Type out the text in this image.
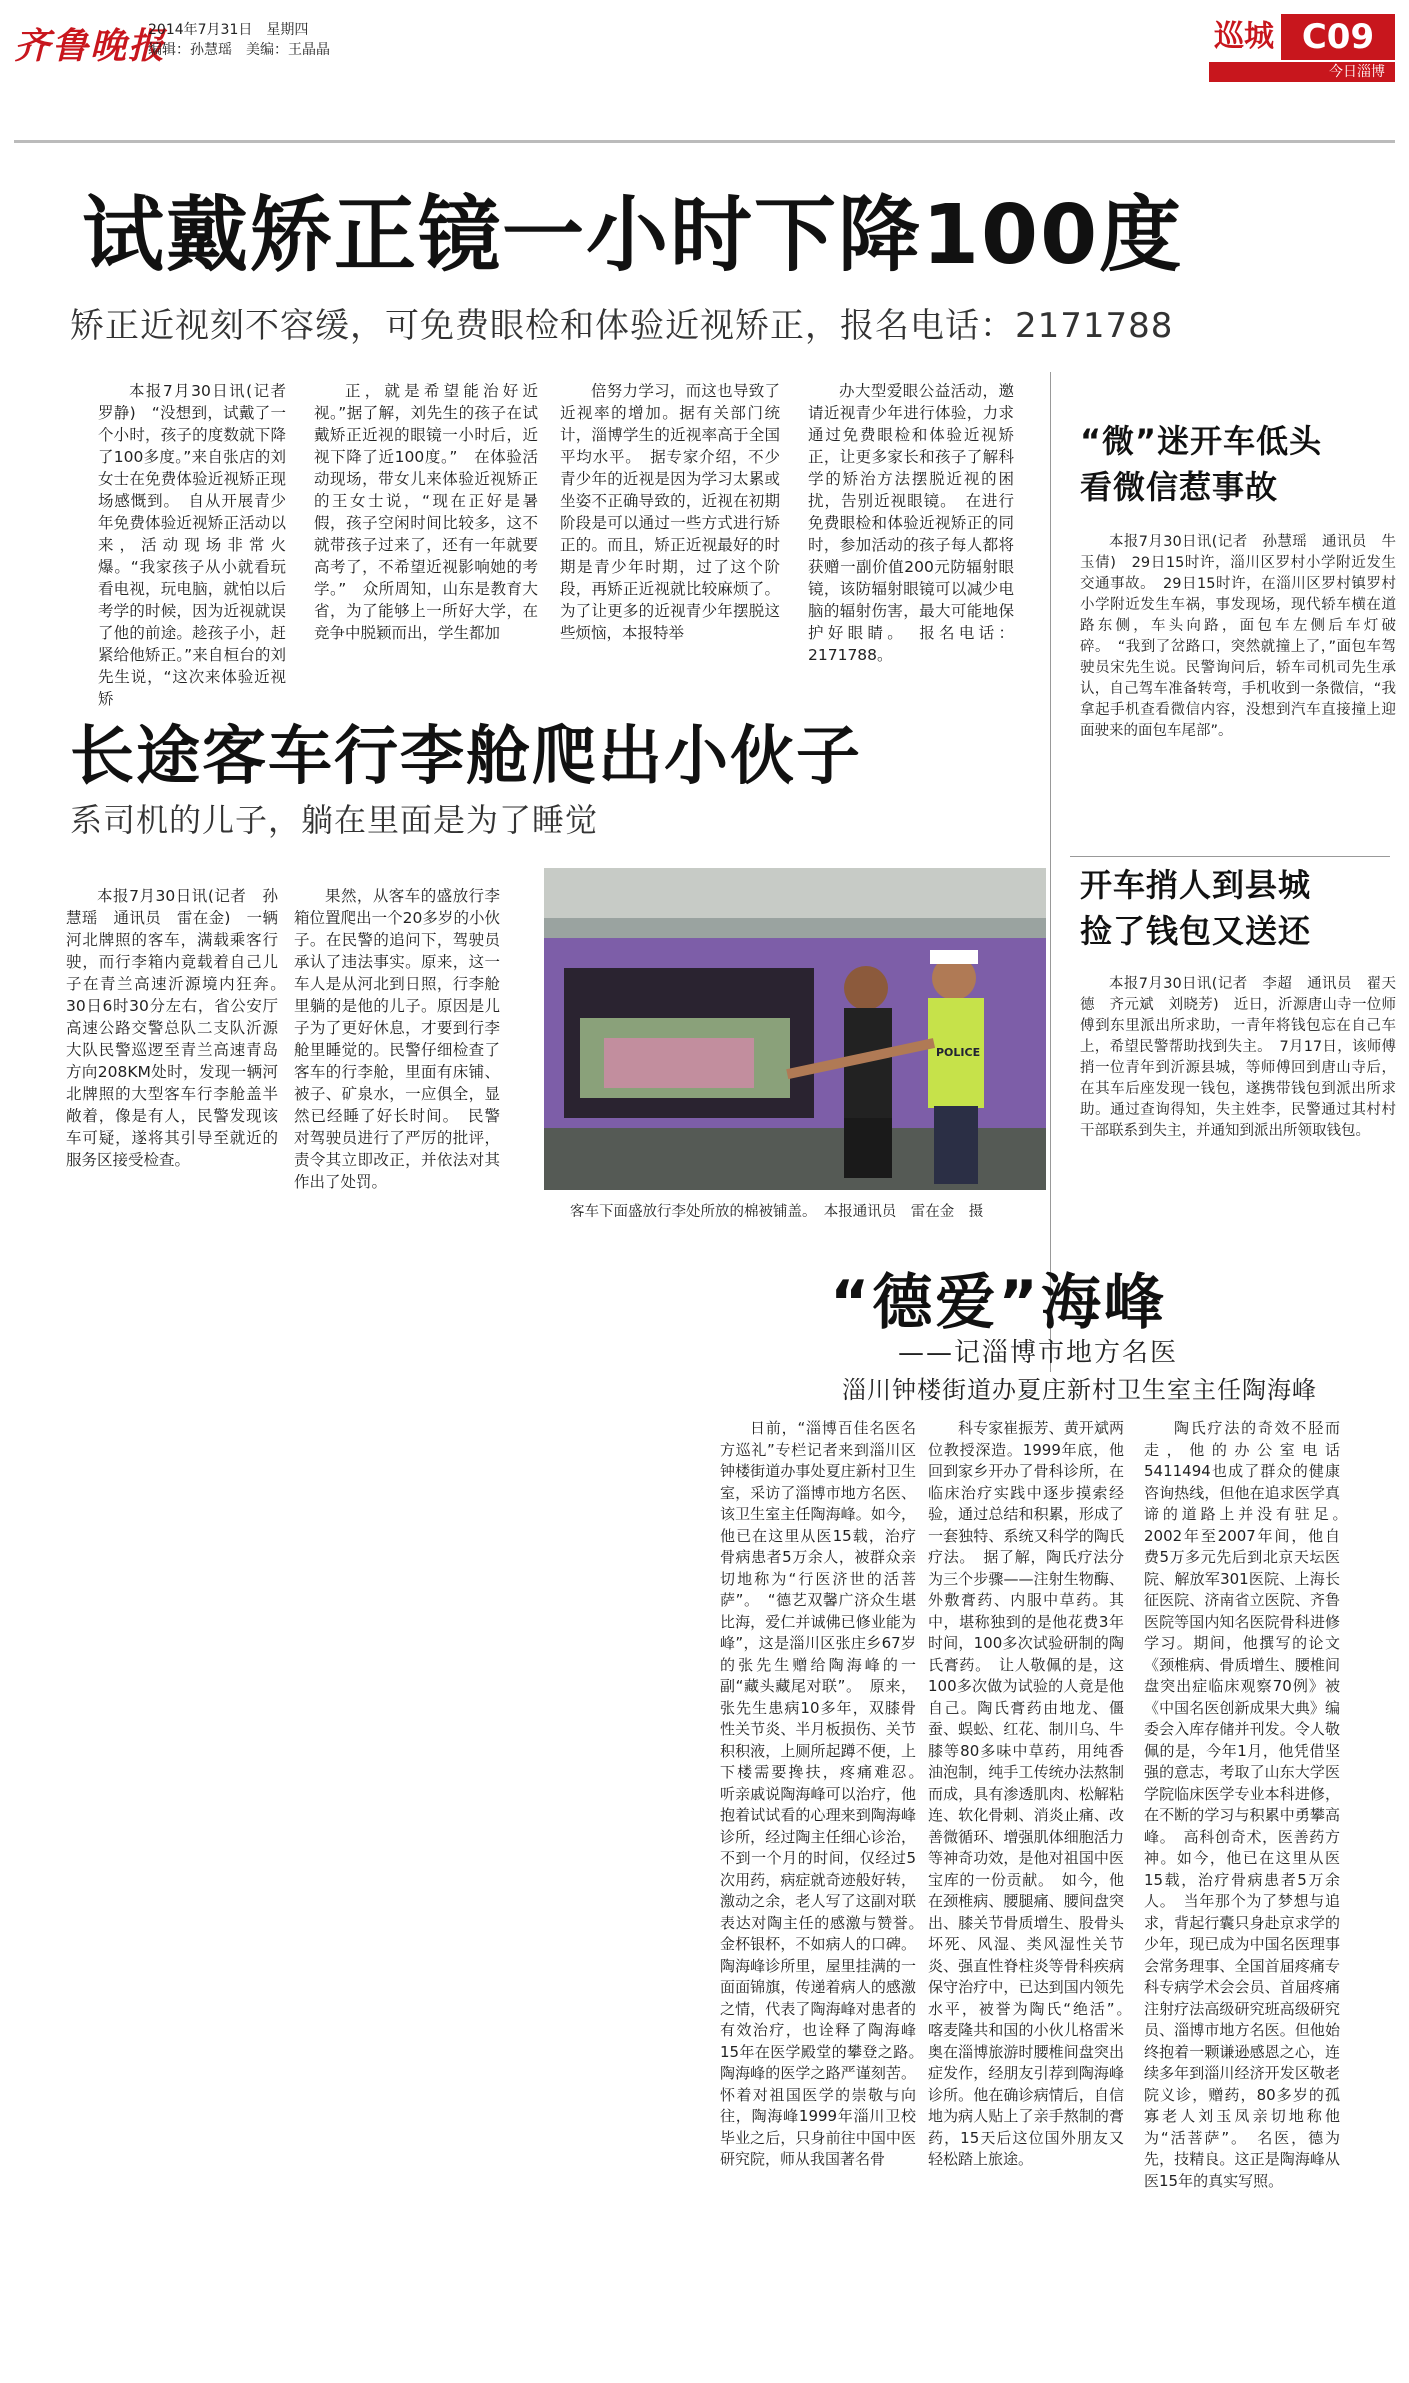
齐鲁晚报
2014年7月31日　星期四
编辑：孙慧瑶　美编：王晶晶	巡城 C09
今日淄博
试戴矫正镜一小时下降100度
矫正近视刻不容缓，可免费眼检和体验近视矫正，报名电话：2171788

本报7月30日讯(记者　罗静)　“没想到，试戴了一个小时，孩子的度数就下降了100多度。”来自张店的刘女士在免费体验近视矫正现场感慨到。　自从开展青少年免费体验近视矫正活动以来，活动现场非常火爆。“我家孩子从小就看玩看电视，玩电脑，就怕以后考学的时候，因为近视就误了他的前途。趁孩子小，赶紧给他矫正。”来自桓台的刘先生说，“这次来体验近视矫

正，就是希望能治好近视。”据了解，刘先生的孩子在试戴矫正近视的眼镜一小时后，近视下降了近100度。”　在体验活动现场，带女儿来体验近视矫正的王女士说，“现在正好是暑假，孩子空闲时间比较多，这不就带孩子过来了，还有一年就要高考了，不希望近视影响她的考学。”　众所周知，山东是教育大省，为了能够上一所好大学，在竞争中脱颖而出，学生都加

倍努力学习，而这也导致了近视率的增加。据有关部门统计，淄博学生的近视率高于全国平均水平。　据专家介绍，不少青少年的近视是因为学习太累或坐姿不正确导致的，近视在初期阶段是可以通过一些方式进行矫正的。而且，矫正近视最好的时期是青少年时期，过了这个阶段，再矫正近视就比较麻烦了。为了让更多的近视青少年摆脱这些烦恼，本报特举

办大型爱眼公益活动，邀请近视青少年进行体验，力求通过免费眼检和体验近视矫正，让更多家长和孩子了解科学的矫治方法摆脱近视的困扰，告别近视眼镜。　在进行免费眼检和体验近视矫正的同时，参加活动的孩子每人都将获赠一副价值200元防辐射眼镜，该防辐射眼镜可以减少电脑的辐射伤害，最大可能地保护好眼睛。　报名电话：2171788。

长途客车行李舱爬出小伙子
系司机的儿子，躺在里面是为了睡觉

本报7月30日讯(记者　孙慧瑶　通讯员　雷在金)　一辆河北牌照的客车，满载乘客行驶，而行李箱内竟载着自己儿子在青兰高速沂源境内狂奔。　30日6时30分左右，省公安厅高速公路交警总队二支队沂源大队民警巡逻至青兰高速青岛方向208KM处时，发现一辆河北牌照的大型客车行李舱盖半敞着，像是有人，民警发现该车可疑，遂将其引导至就近的服务区接受检查。

果然，从客车的盛放行李箱位置爬出一个20多岁的小伙子。在民警的追问下，驾驶员承认了违法事实。原来，这一车人是从河北到日照，行李舱里躺的是他的儿子。原因是儿子为了更好休息，才要到行李舱里睡觉的。民警仔细检查了客车的行李舱，里面有床铺、被子、矿泉水，一应俱全，显然已经睡了好长时间。　民警对驾驶员进行了严厉的批评，责令其立即改正，并依法对其作出了处罚。

POLICE
客车下面盛放行李处所放的棉被铺盖。　本报通讯员　雷在金　摄
“微”迷开车低头
看微信惹事故

本报7月30日讯(记者　孙慧瑶　通讯员　牛玉倩)　29日15时许，淄川区罗村小学附近发生交通事故。　29日15时许，在淄川区罗村镇罗村小学附近发生车祸，事发现场，现代轿车横在道路东侧，车头向路，面包车左侧后车灯破碎。　“我到了岔路口，突然就撞上了，”面包车驾驶员宋先生说。民警询问后，轿车司机司先生承认，自己驾车准备转弯，手机收到一条微信，“我拿起手机查看微信内容，没想到汽车直接撞上迎面驶来的面包车尾部”。

开车捎人到县城
捡了钱包又送还

本报7月30日讯(记者　李超　通讯员　翟天德　齐元斌　刘晓芳)　近日，沂源唐山寺一位师傅到东里派出所求助，一青年将钱包忘在自己车上，希望民警帮助找到失主。　7月17日，该师傅捎一位青年到沂源县城，等师傅回到唐山寺后，在其车后座发现一钱包，遂携带钱包到派出所求助。通过查询得知，失主姓李，民警通过其村村干部联系到失主，并通知到派出所领取钱包。

“德爱”海峰
——记淄博市地方名医
淄川钟楼街道办夏庄新村卫生室主任陶海峰

日前，“淄博百佳名医名方巡礼”专栏记者来到淄川区钟楼街道办事处夏庄新村卫生室，采访了淄博市地方名医、该卫生室主任陶海峰。如今，他已在这里从医15载，治疗骨病患者5万余人，被群众亲切地称为“行医济世的活菩萨”。　“德艺双馨广济众生堪比海，爱仁并诚佛已修业能为峰”，这是淄川区张庄乡67岁的张先生赠给陶海峰的一副“藏头藏尾对联”。　原来，张先生患病10多年，双膝骨性关节炎、半月板损伤、关节积积液，上厕所起蹲不便，上下楼需要搀扶，疼痛难忍。　听亲戚说陶海峰可以治疗，他抱着试试看的心理来到陶海峰诊所，经过陶主任细心诊治，不到一个月的时间，仅经过5次用药，病症就奇迹般好转，激动之余，老人写了这副对联表达对陶主任的感激与赞誉。　金杯银杯，不如病人的口碑。陶海峰诊所里，屋里挂满的一面面锦旗，传递着病人的感激之情，代表了陶海峰对患者的有效治疗，也诠释了陶海峰15年在医学殿堂的攀登之路。　陶海峰的医学之路严谨刻苦。怀着对祖国医学的崇敬与向往，陶海峰1999年淄川卫校毕业之后，只身前往中国中医研究院，师从我国著名骨

科专家崔振芳、黄开斌两位教授深造。1999年底，他回到家乡开办了骨科诊所，在临床治疗实践中逐步摸索经验，通过总结和积累，形成了一套独特、系统又科学的陶氏疗法。　据了解，陶氏疗法分为三个步骤——注射生物酶、外敷膏药、内服中草药。其中，堪称独到的是他花费3年时间，100多次试验研制的陶氏膏药。　让人敬佩的是，这100多次做为试验的人竟是他自己。陶氏膏药由地龙、僵蚕、蜈蚣、红花、制川乌、牛膝等80多味中草药，用纯香油泡制，纯手工传统办法熬制而成，具有渗透肌肉、松解粘连、软化骨刺、消炎止痛、改善微循环、增强肌体细胞活力等神奇功效，是他对祖国中医宝库的一份贡献。　如今，他在颈椎病、腰腿痛、腰间盘突出、膝关节骨质增生、股骨头坏死、风湿、类风湿性关节炎、强直性脊柱炎等骨科疾病保守治疗中，已达到国内领先水平，被誉为陶氏“绝活”。　喀麦隆共和国的小伙儿格雷米奥在淄博旅游时腰椎间盘突出症发作，经朋友引荐到陶海峰诊所。他在确诊病情后，自信地为病人贴上了亲手熬制的膏药，15天后这位国外朋友又轻松踏上旅途。

陶氏疗法的奇效不胫而走，他的办公室电话5411494也成了群众的健康咨询热线，但他在追求医学真谛的道路上并没有驻足。　2002年至2007年间，他自费5万多元先后到北京天坛医院、解放军301医院、上海长征医院、济南省立医院、齐鲁医院等国内知名医院骨科进修学习。期间，他撰写的论文《颈椎病、骨质增生、腰椎间盘突出症临床观察70例》被《中国名医创新成果大典》编委会入库存储并刊发。令人敬佩的是，今年1月，他凭借坚强的意志，考取了山东大学医学院临床医学专业本科进修，在不断的学习与积累中勇攀高峰。　高科创奇术，医善药方神。如今，他已在这里从医15载，治疗骨病患者5万余人。　当年那个为了梦想与追求，背起行囊只身赴京求学的少年，现已成为中国名医理事会常务理事、全国首届疼痛专科专病学术会会员、首届疼痛注射疗法高级研究班高级研究员、淄博市地方名医。但他始终抱着一颗谦逊感恩之心，连续多年到淄川经济开发区敬老院义诊，赠药，80多岁的孤寡老人刘玉凤亲切地称他为“活菩萨”。　名医，德为先，技精良。这正是陶海峰从医15年的真实写照。
